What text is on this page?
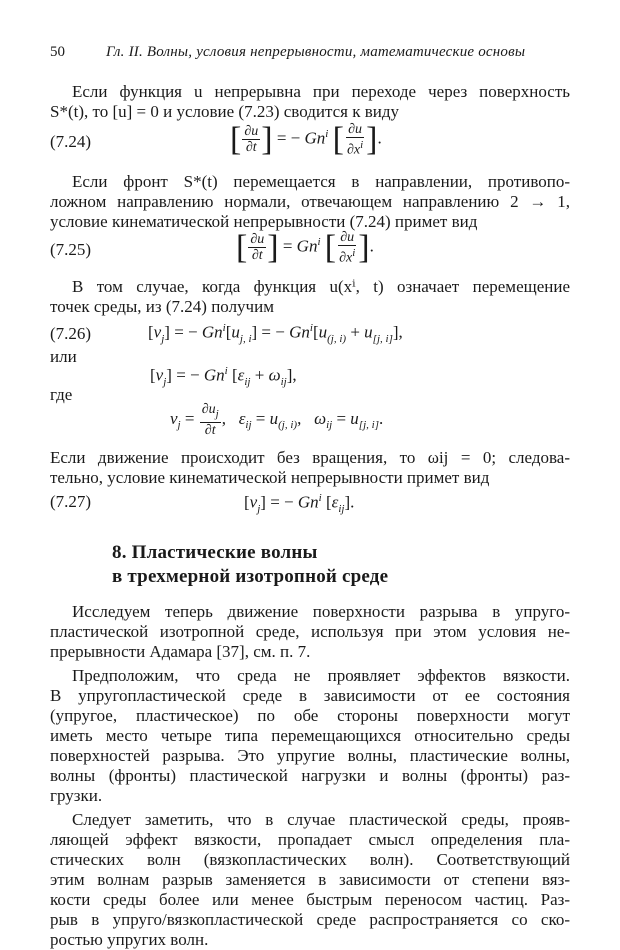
50	Гл. II. Волны, условия непрерывности, математические основы
Если функция u непрерывна при переходе через поверхность
S*(t), то [u] = 0 и условие (7.23) сводится к виду
(7.24)	[ $\frac{\partial u}{\partial t}$ ] = − $Gn^i$ [ $\frac{\partial u}{\partial x^i}$ ].
Если фронт S*(t) перемещается в направлении, противопо-
ложном направлению нормали, отвечающем направлению 2 → 1,
условие кинематической непрерывности (7.24) примет вид
(7.25)	[ $\frac{\partial u}{\partial t}$ ] = $Gn^i$ [ $\frac{\partial u}{\partial x^i}$ ].
В том случае, когда функция u(xⁱ, t) означает перемещение
точек среды, из (7.24) получим
(7.26)	$[v_j]$ = − $Gn^i[u_{j, i}]$ = − $Gn^i[u_{(j, i)} + u_{[j, i]}]$,
или
$[v_j]$ = − $Gn^i$ $[\varepsilon_{ij} + \omega_{ij}]$,
где
$v_j = \frac{\partial u_j}{\partial t}$ ,   $\varepsilon_{ij} = u_{(j, i)}$,   $\omega_{ij} = u_{[j, i]}$.
Если движение происходит без вращения, то ωij = 0; следова-
тельно, условие кинематической непрерывности примет вид
(7.27)	$[v_j]$ = − $Gn^i$ $[\varepsilon_{ij}]$.
8. Пластические волны
в трехмерной изотропной среде
Исследуем теперь движение поверхности разрыва в упруго-
пластической изотропной среде, используя при этом условия не-
прерывности Адамара [37], см. п. 7.
Предположим, что среда не проявляет эффектов вязкости.
В упругопластической среде в зависимости от ее состояния
(упругое, пластическое) по обе стороны поверхности могут
иметь место четыре типа перемещающихся относительно среды
поверхностей разрыва. Это упругие волны, пластические волны,
волны (фронты) пластической нагрузки и волны (фронты) раз-
грузки.
Следует заметить, что в случае пластической среды, прояв-
ляющей эффект вязкости, пропадает смысл определения пла-
стических волн (вязкопластических волн). Соответствующий
этим волнам разрыв заменяется в зависимости от степени вяз-
кости среды более или менее быстрым переносом частиц. Раз-
рыв в упруго/вязкопластической среде распространяется со ско-
ростью упругих волн.
